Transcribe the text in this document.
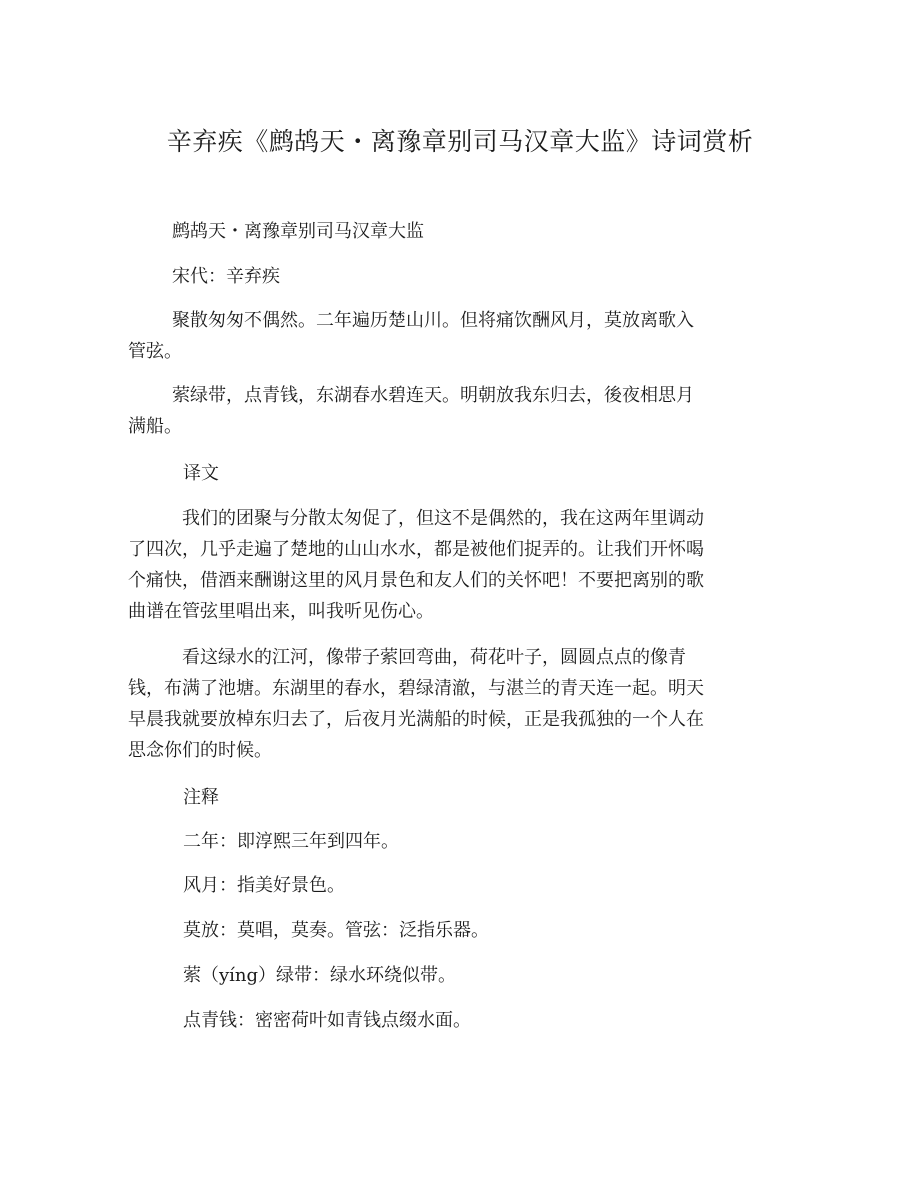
辛弃疾《鹧鸪天・离豫章别司马汉章大监》诗词赏析

鹧鸪天・离豫章别司马汉章大监

宋代：辛弃疾

聚散匆匆不偶然。二年遍历楚山川。但将痛饮酬风月，莫放离歌入管弦。

萦绿带，点青钱，东湖春水碧连天。明朝放我东归去，後夜相思月满船。

译文

我们的团聚与分散太匆促了，但这不是偶然的，我在这两年里调动了四次，几乎走遍了楚地的山山水水，都是被他们捉弄的。让我们开怀喝个痛快，借酒来酬谢这里的风月景色和友人们的关怀吧！不要把离别的歌曲谱在管弦里唱出来，叫我听见伤心。

看这绿水的江河，像带子萦回弯曲，荷花叶子，圆圆点点的像青钱，布满了池塘。东湖里的春水，碧绿清澈，与湛兰的青天连一起。明天早晨我就要放棹东归去了，后夜月光满船的时候，正是我孤独的一个人在思念你们的时候。

注释

二年：即淳熙三年到四年。

风月：指美好景色。

莫放：莫唱，莫奏。管弦：泛指乐器。

萦（yíng）绿带：绿水环绕似带。

点青钱：密密荷叶如青钱点缀水面。
